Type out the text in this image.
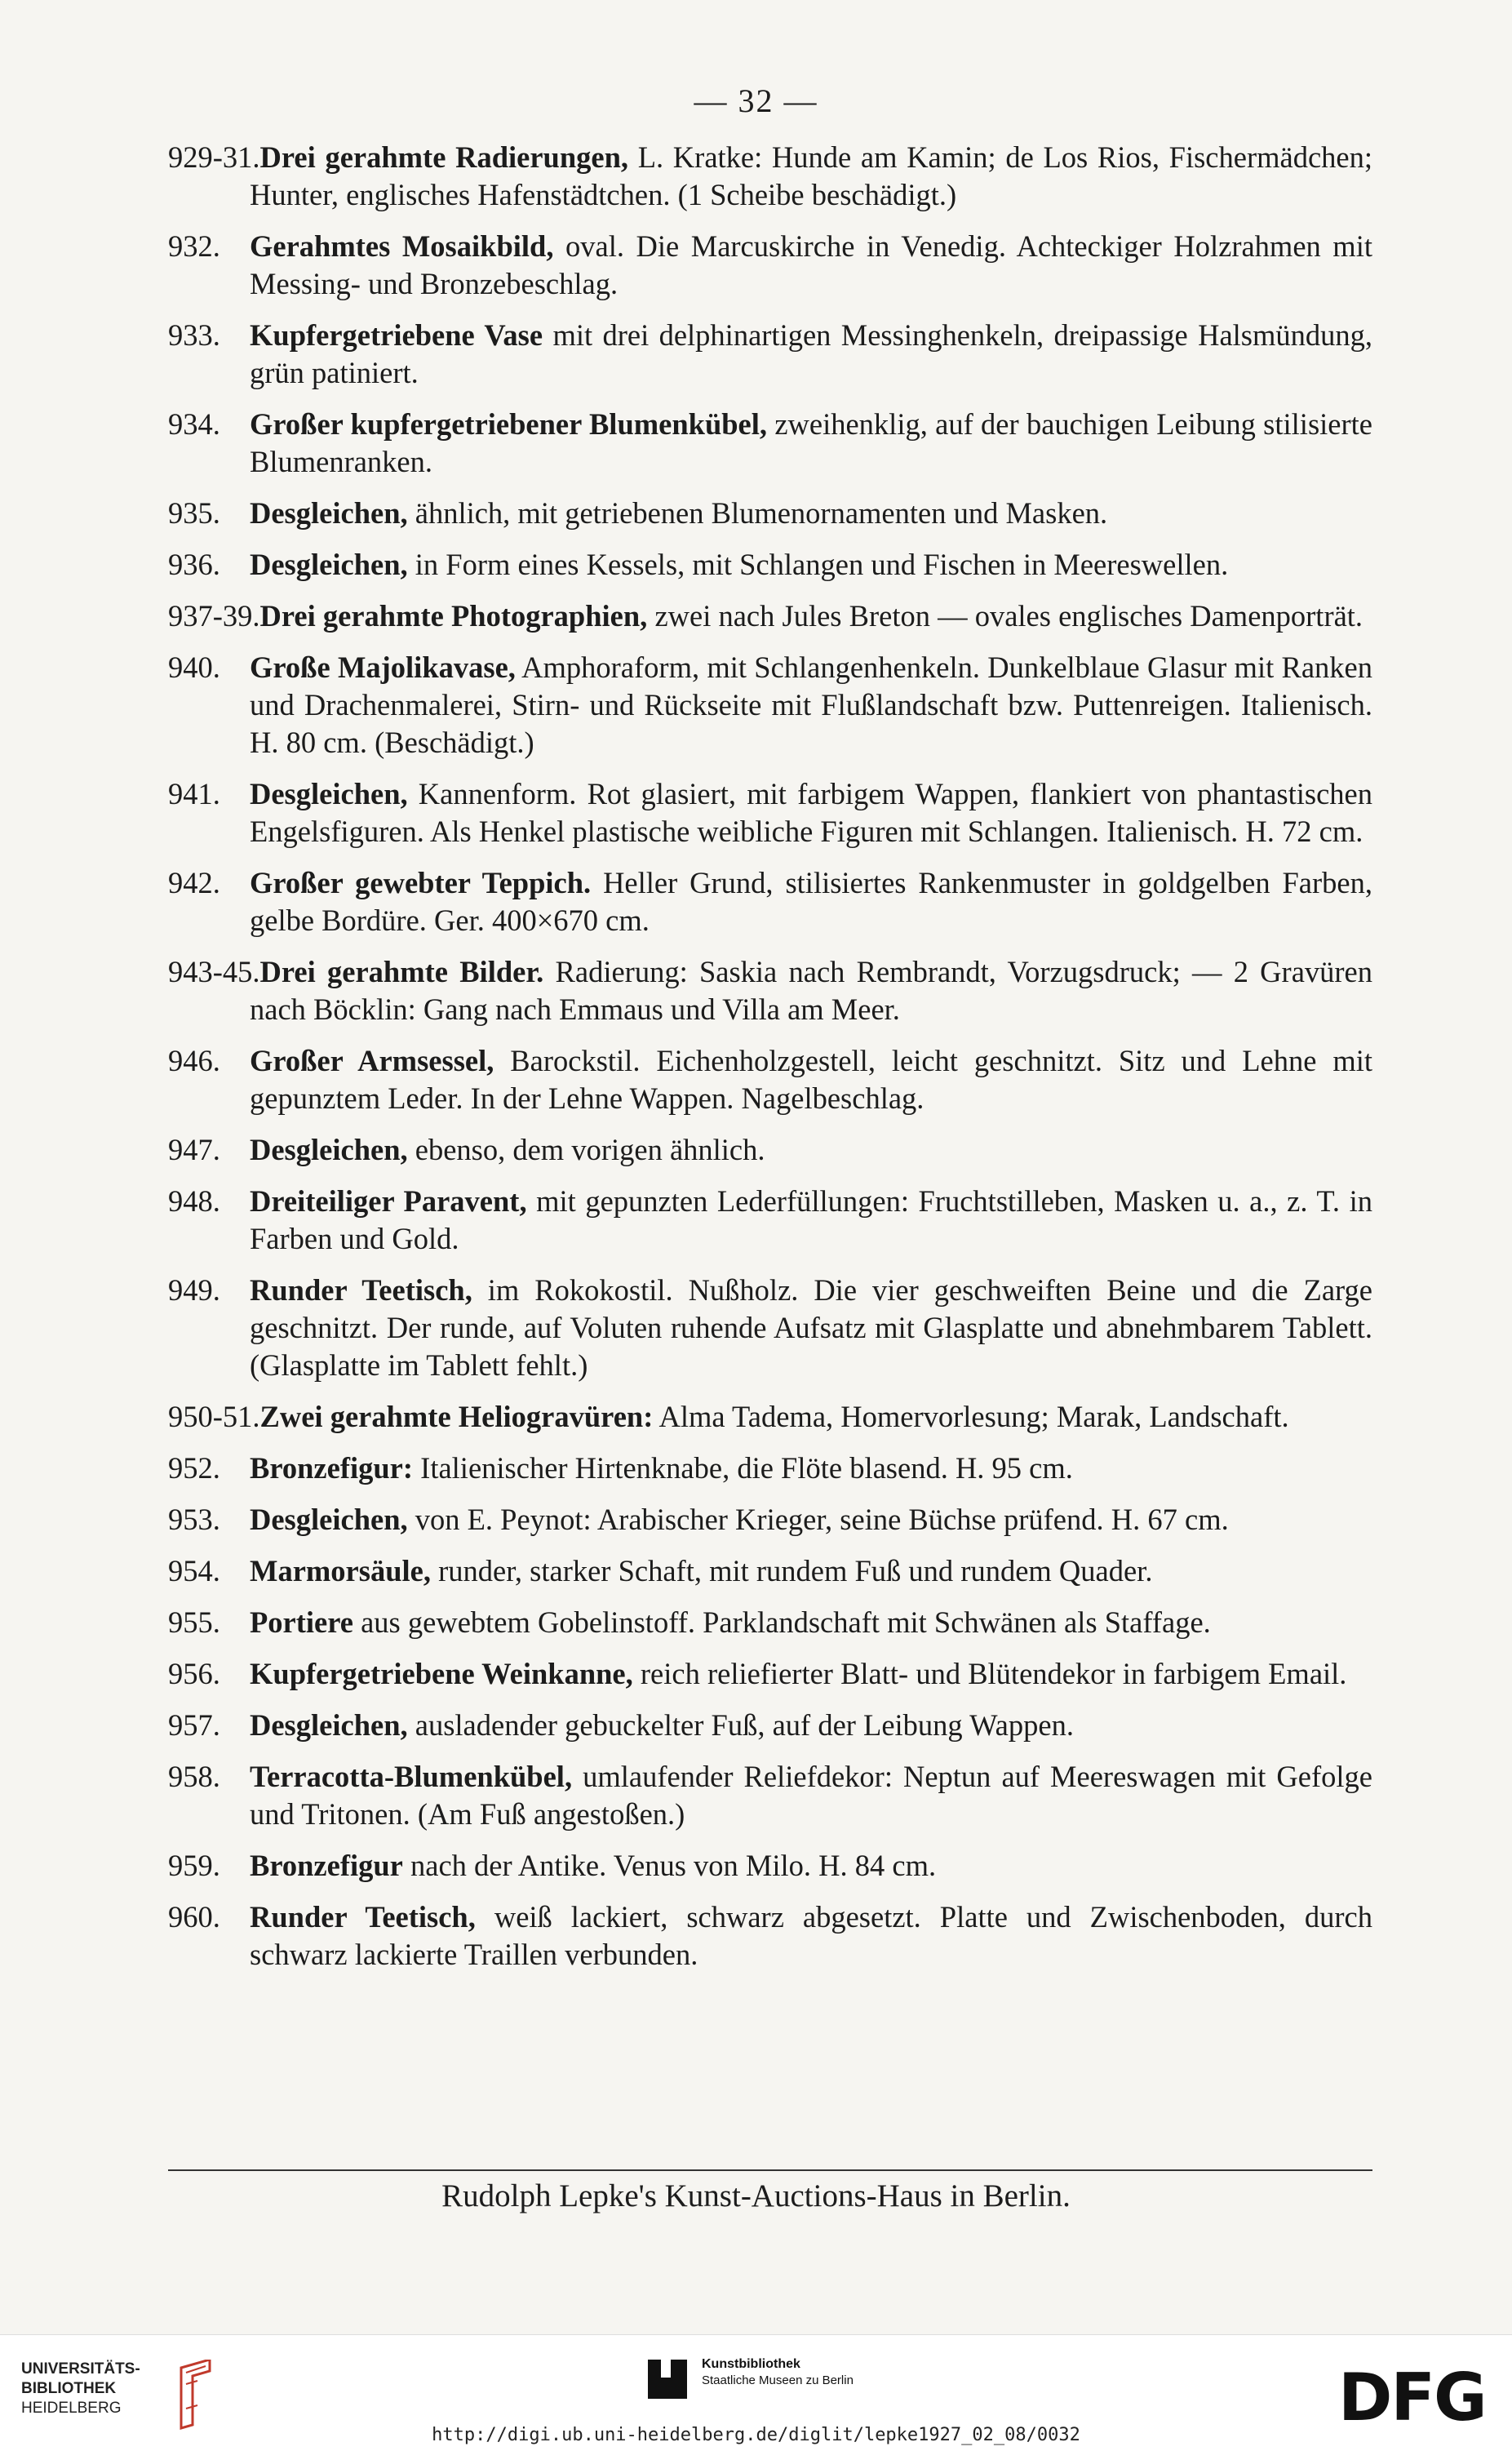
— 32 —
929-31.Drei gerahmte Radierungen, L. Kratke: Hunde am Kamin; de Los Rios, Fischermädchen; Hunter, englisches Hafenstädtchen. (1 Scheibe beschädigt.)
932. Gerahmtes Mosaikbild, oval. Die Marcuskirche in Venedig. Achteckiger Holzrahmen mit Messing- und Bronzebeschlag.
933. Kupfergetriebene Vase mit drei delphinartigen Messinghenkeln, dreipassige Halsmündung, grün patiniert.
934. Großer kupfergetriebener Blumenkübel, zweihenklig, auf der bauchigen Leibung stilisierte Blumenranken.
935. Desgleichen, ähnlich, mit getriebenen Blumenornamenten und Masken.
936. Desgleichen, in Form eines Kessels, mit Schlangen und Fischen in Meereswellen.
937-39.Drei gerahmte Photographien, zwei nach Jules Breton — ovales englisches Damenporträt.
940. Große Majolikavase, Amphoraform, mit Schlangenhenkeln. Dunkelblaue Glasur mit Ranken und Drachenmalerei, Stirn- und Rückseite mit Flußlandschaft bzw. Puttenreigen. Italienisch. H. 80 cm. (Beschädigt.)
941. Desgleichen, Kannenform. Rot glasiert, mit farbigem Wappen, flankiert von phantastischen Engelsfiguren. Als Henkel plastische weibliche Figuren mit Schlangen. Italienisch. H. 72 cm.
942. Großer gewebter Teppich. Heller Grund, stilisiertes Rankenmuster in goldgelben Farben, gelbe Bordüre. Ger. 400×670 cm.
943-45.Drei gerahmte Bilder. Radierung: Saskia nach Rembrandt, Vorzugsdruck; — 2 Gravüren nach Böcklin: Gang nach Emmaus und Villa am Meer.
946. Großer Armsessel, Barockstil. Eichenholzgestell, leicht geschnitzt. Sitz und Lehne mit gepunztem Leder. In der Lehne Wappen. Nagelbeschlag.
947. Desgleichen, ebenso, dem vorigen ähnlich.
948. Dreiteiliger Paravent, mit gepunzten Lederfüllungen: Fruchtstilleben, Masken u. a., z. T. in Farben und Gold.
949. Runder Teetisch, im Rokokostil. Nußholz. Die vier geschweiften Beine und die Zarge geschnitzt. Der runde, auf Voluten ruhende Aufsatz mit Glasplatte und abnehmbarem Tablett. (Glasplatte im Tablett fehlt.)
950-51.Zwei gerahmte Heliogravüren: Alma Tadema, Homervorlesung; Marak, Landschaft.
952. Bronzefigur: Italienischer Hirtenknabe, die Flöte blasend. H. 95 cm.
953. Desgleichen, von E. Peynot: Arabischer Krieger, seine Büchse prüfend. H. 67 cm.
954. Marmorsäule, runder, starker Schaft, mit rundem Fuß und rundem Quader.
955. Portiere aus gewebtem Gobelinstoff. Parklandschaft mit Schwänen als Staffage.
956. Kupfergetriebene Weinkanne, reich reliefierter Blatt- und Blütendekor in farbigem Email.
957. Desgleichen, ausladender gebuckelter Fuß, auf der Leibung Wappen.
958. Terracotta-Blumenkübel, umlaufender Reliefdekor: Neptun auf Meereswagen mit Gefolge und Tritonen. (Am Fuß angestoßen.)
959. Bronzefigur nach der Antike. Venus von Milo. H. 84 cm.
960. Runder Teetisch, weiß lackiert, schwarz abgesetzt. Platte und Zwischenboden, durch schwarz lackierte Traillen verbunden.
Rudolph Lepke's Kunst-Auctions-Haus in Berlin.
UNIVERSITÄTS-
BIBLIOTHEK
HEIDELBERG
Kunstbibliothek
Staatliche Museen zu Berlin	DFG
http://digi.ub.uni-heidelberg.de/diglit/lepke1927_02_08/0032
